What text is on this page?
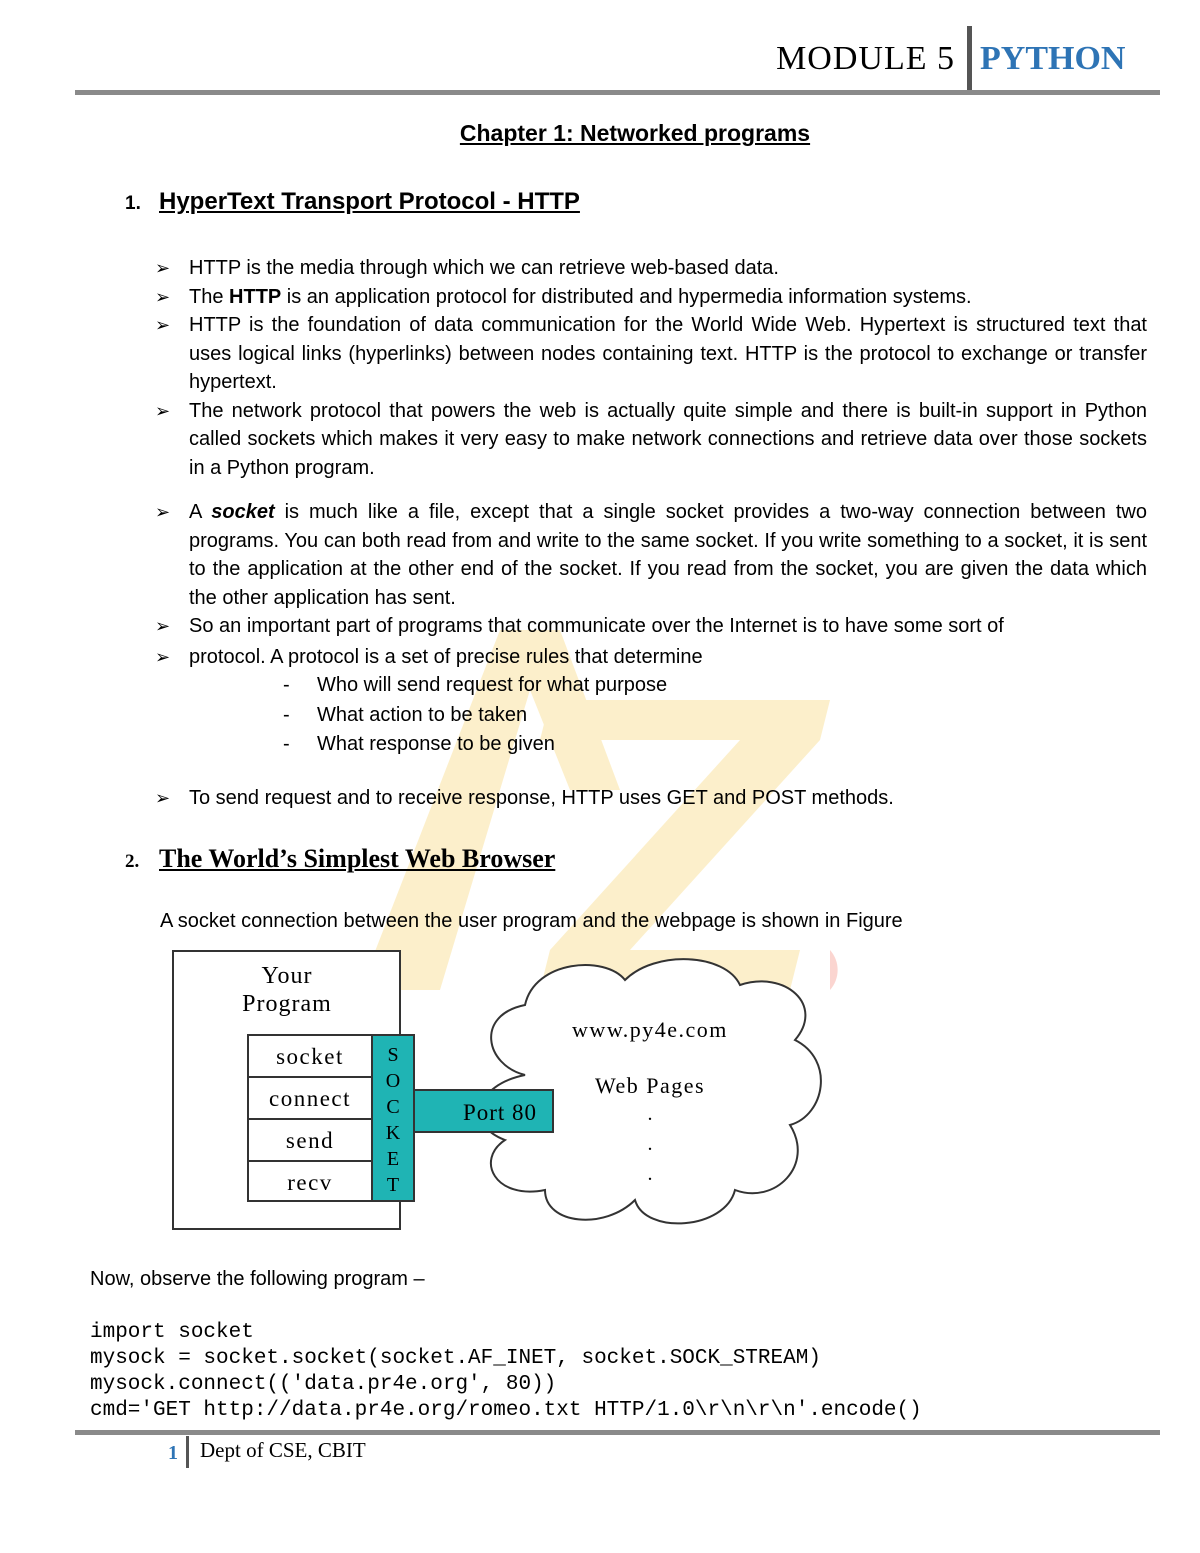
MODULE 5 PYTHON
Chapter 1: Networked programs
1. HyperText Transport Protocol - HTTP
➢ HTTP is the media through which we can retrieve web-based data.
➢ The HTTP is an application protocol for distributed and hypermedia information systems.
➢ HTTP is the foundation of data communication for the World Wide Web. Hypertext is structured text that uses logical links (hyperlinks) between nodes containing text. HTTP is the protocol to exchange or transfer hypertext.
➢ The network protocol that powers the web is actually quite simple and there is built-in support in Python called sockets which makes it very easy to make network connections and retrieve data over those sockets in a Python program.
➢ A socket is much like a file, except that a single socket provides a two-way connection between two programs. You can both read from and write to the same socket. If you write something to a socket, it is sent to the application at the other end of the socket. If you read from the socket, you are given the data which the other application has sent.
➢ So an important part of programs that communicate over the Internet is to have some sort of
➢ protocol. A protocol is a set of precise rules that determine
- Who will send request for what purpose
- What action to be taken
- What response to be given
➢ To send request and to receive response, HTTP uses GET and POST methods.
2. The World’s Simplest Web Browser
A socket connection between the user program and the webpage is shown in Figure
Your
Program
socket
connect
send
recv
Port 80
S
O
C
K
E
T
www.py4e.com
Web Pages
.
.
.
Now, observe the following program –
import socket
mysock = socket.socket(socket.AF_INET, socket.SOCK_STREAM)
mysock.connect(('data.pr4e.org', 80))
cmd='GET http://data.pr4e.org/romeo.txt HTTP/1.0\r\n\r\n'.encode()
1 Dept of CSE, CBIT
